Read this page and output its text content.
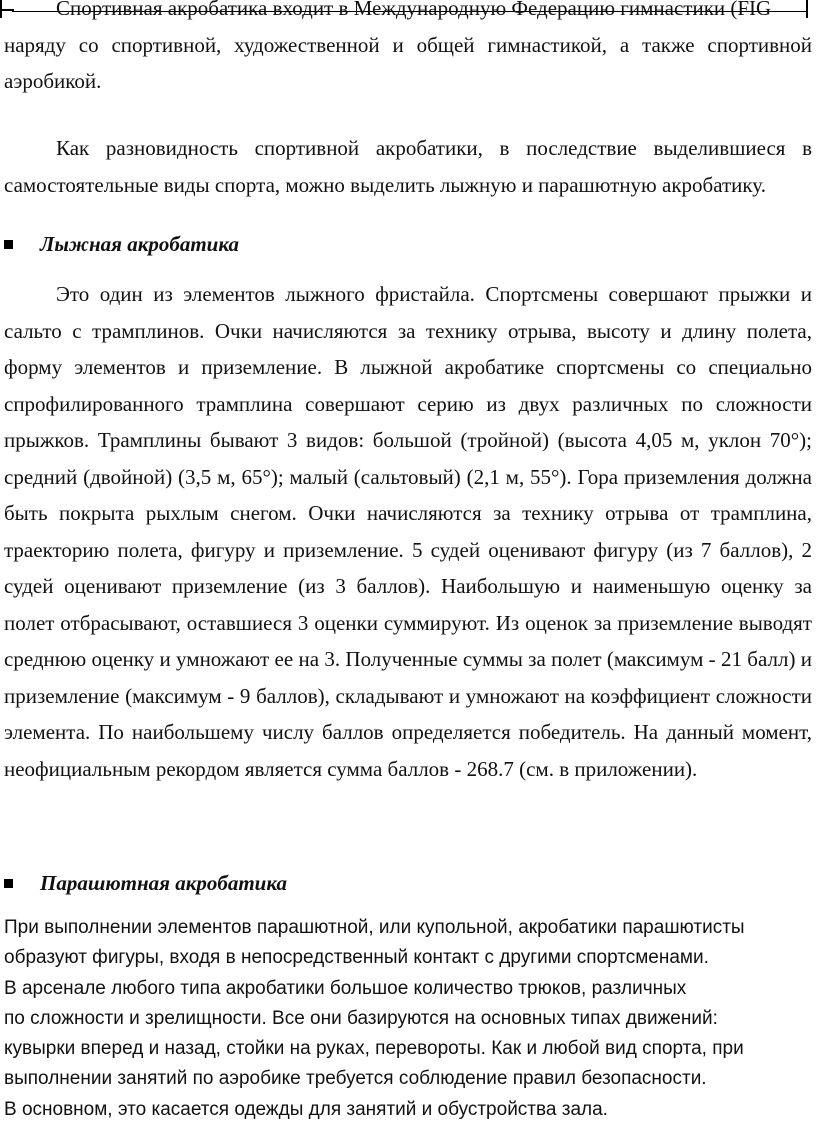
Спортивная акробатика входит в Международную Федерацию гимнастики (FIG
наряду со спортивной, художественной и общей гимнастикой, а также спортивной аэробикой.

Как разновидность спортивной акробатики, в последствие выделившиеся в самостоятельные виды спорта, можно выделить лыжную и парашютную акробатику.

Лыжная акробатика

Это один из элементов лыжного фристайла. Спортсмены совершают прыжки и сальто с трамплинов. Очки начисляются за технику отрыва, высоту и длину полета, форму элементов и приземление. В лыжной акробатике спортсмены со специально спрофилированного трамплина совершают серию из двух различных по сложности прыжков. Трамплины бывают 3 видов: большой (тройной) (высота 4,05 м, уклон 70°); средний (двойной) (3,5 м, 65°); малый (сальтовый) (2,1 м, 55°). Гора приземления должна быть покрыта рыхлым снегом. Очки начисляются за технику отрыва от трамплина, траекторию полета, фигуру и приземление. 5 судей оценивают фигуру (из 7 баллов), 2 судей оценивают приземление (из 3 баллов). Наибольшую и наименьшую оценку за полет отбрасывают, оставшиеся 3 оценки суммируют. Из оценок за приземление выводят среднюю оценку и умножают ее на 3. Полученные суммы за полет (максимум - 21 балл) и приземление (максимум - 9 баллов), складывают и умножают на коэффициент сложности элемента. По наибольшему числу баллов определяется победитель. На данный момент, неофициальным рекордом является сумма баллов - 268.7 (см. в приложении).

Парашютная акробатика

При выполнении элементов парашютной, или купольной, акробатики парашютисты
образуют фигуры, входя в непосредственный контакт с другими спортсменами.
В арсенале любого типа акробатики большое количество трюков, различных
по сложности и зрелищности. Все они базируются на основных типах движений:
кувырки вперед и назад, стойки на руках, перевороты. Как и любой вид спорта, при
выполнении занятий по аэробике требуется соблюдение правил безопасности.
В основном, это касается одежды для занятий и обустройства зала.
